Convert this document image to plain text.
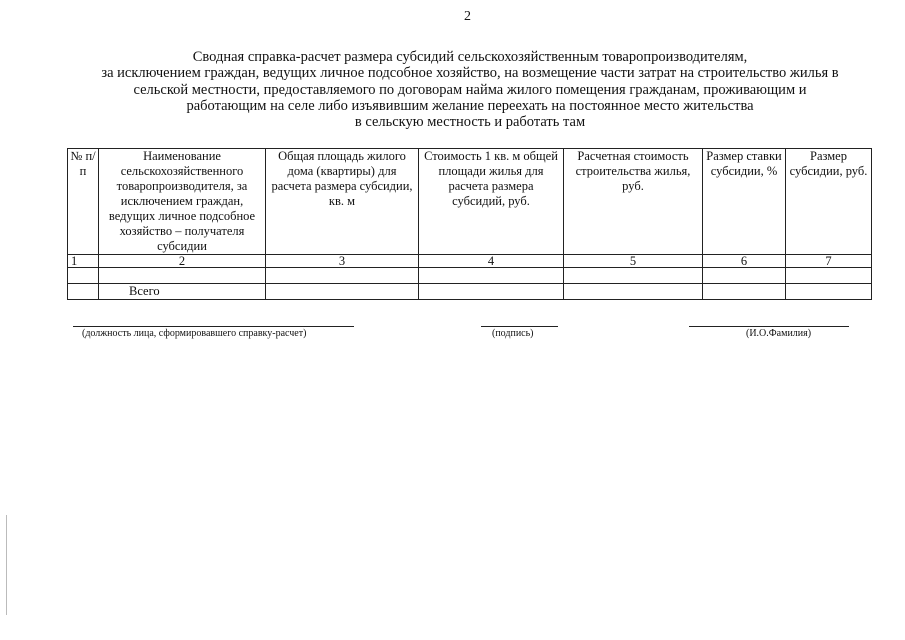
2
Сводная справка-расчет размера субсидий сельскохозяйственным товаропроизводителям,
за исключением граждан, ведущих личное подсобное хозяйство, на возмещение части затрат на строительство жилья в
сельской местности, предоставляемого по договорам найма жилого помещения гражданам, проживающим и
работающим на селе либо изъявившим желание переехать на постоянное место жительства
в сельскую местность и работать там
№ п/п	Наименование сельскохозяйственного товаропроизводителя, за исключением граждан, ведущих личное подсобное хозяйство – получателя субсидии	Общая площадь жилого дома (квартиры) для расчета размера субсидии, кв. м	Стоимость 1 кв. м общей площади жилья для расчета размера субсидий, руб.	Расчетная стоимость строительства жилья, руб.	Размер ставки субсидии, %	Размер субсидии, руб.
1	2	3	4	5	6	7

	Всего					
(должность лица, сформировавшего справку-расчет)	(подпись)	(И.О.Фамилия)
